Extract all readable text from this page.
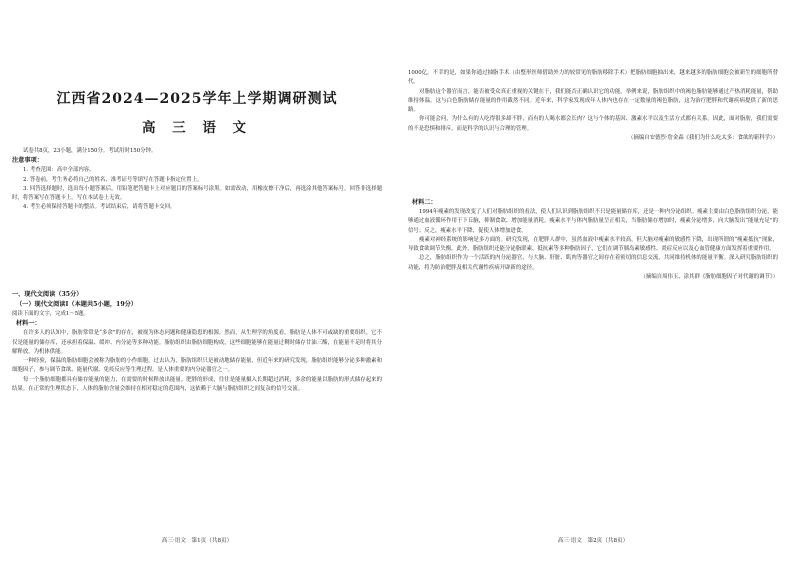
江西省2024—2025学年上学期调研测试
高 三 语 文

试卷共8页，23小题，满分150分。考试用时150分钟。

注意事项：

1. 考查范围：高中全部内容。

2. 答卷前，考生务必将自己的姓名、准考证号等填写在答题卡指定位置上。

3. 回答选择题时，选出每小题答案后，用铅笔把答题卡上对应题目的答案标号涂黑。如需改动，用橡皮擦干净后，再选涂其他答案标号。回答非选择题时，将答案写在答题卡上。写在本试卷上无效。

4. 考生必须保持答题卡的整洁。考试结束后，请将答题卡交回。

一、现代文阅读（35分）

（一）现代文阅读Ⅰ（本题共5小题，19分）

阅读下面的文字，完成1～5题。

材料一：

在许多人的认知中，脂肪常常是“多余”的存在，被视为体态问题和健康隐患的根源。然而，从生理学的角度看，脂肪是人体不可或缺的重要组织。它不仅是能量的储存库，还承担着保温、缓冲、内分泌等多种功能。脂肪组织由脂肪细胞构成，这些细胞能够在能量过剩时储存甘油三酯，在能量不足时将其分解释放，为机体供能。

一种经验，保温的脂肪细胞会被称为脂肪的小作细胞。过去认为，脂肪组织只是被动地储存能量，但近年来的研究发现，脂肪组织能够分泌多种激素和细胞因子，参与调节食欲、能量代谢、免疫反应等生理过程，是人体重要的内分泌器官之一。

每一个脂肪细胞都具有储存能量的能力，在需要的时候释放出能量。肥胖的形成，往往是能量摄入长期超过消耗，多余的能量以脂肪的形式储存起来的结果。在正常的生理状态下，人体的脂肪含量会维持在相对稳定的范围内，这依赖于大脑与脂肪组织之间复杂的信号交流。

高三·语文　第1页（共8页）

1000亿。不幸的是，如果你通过抽脂手术（由整形医师借助外力的较常见的脂肪移除手术）把脂肪细胞抽出来，越来越多的脂肪细胞会被新生的细胞所替代。

对脂肪这个器官而言，能否被受众真正重视的关键在于，我们能否正确认识它的功能。举例来说，脂肪组织中的褐色脂肪能够通过产热消耗能量，帮助维持体温，这与白色脂肪储存能量的作用截然不同。近年来，科学家发现成年人体内也存在一定数量的褐色脂肪，这为治疗肥胖和代谢疾病提供了新的思路。

你可能会问，为什么有的人吃得很多却不胖，而有的人喝水都会长肉？这与个体的基因、激素水平以及生活方式都有关系。因此，面对脂肪，我们需要的不是恐惧和排斥，而是科学的认识与合理的管理。

（摘编自安德烈·詹金森《我们为什么吃太多：食欲的新科学》）

材料二：

1994年瘦素的发现改变了人们对脂肪组织的看法，使人们认识到脂肪组织不只是能量储存库，还是一种内分泌组织。瘦素主要由白色脂肪组织分泌，能够通过血液循环作用于下丘脑，抑制食欲、增加能量消耗。瘦素水平与体内脂肪量呈正相关，当脂肪储存增加时，瘦素分泌增多，向大脑发出“能量充足”的信号；反之，瘦素水平下降，促使人体增加进食。

瘦素对神经系统的影响是多方面的。研究发现，在肥胖人群中，虽然血液中瘦素水平较高，但大脑对瘦素的敏感性下降，出现所谓的“瘦素抵抗”现象，导致食欲调节失衡。此外，脂肪组织还能分泌脂联素、抵抗素等多种脂肪因子，它们在调节胰岛素敏感性、炎症反应以及心血管健康方面发挥着重要作用。

总之，脂肪组织作为一个活跃的内分泌器官，与大脑、肝脏、肌肉等器官之间存在着密切的信息交流，共同维持机体的能量平衡。深入研究脂肪组织的功能，将为防治肥胖及相关代谢性疾病开辟新的途径。

（摘编自周伟玉、涂其群《脂肪细胞因子对代谢的调节》）

高三·语文　第2页（共8页）
